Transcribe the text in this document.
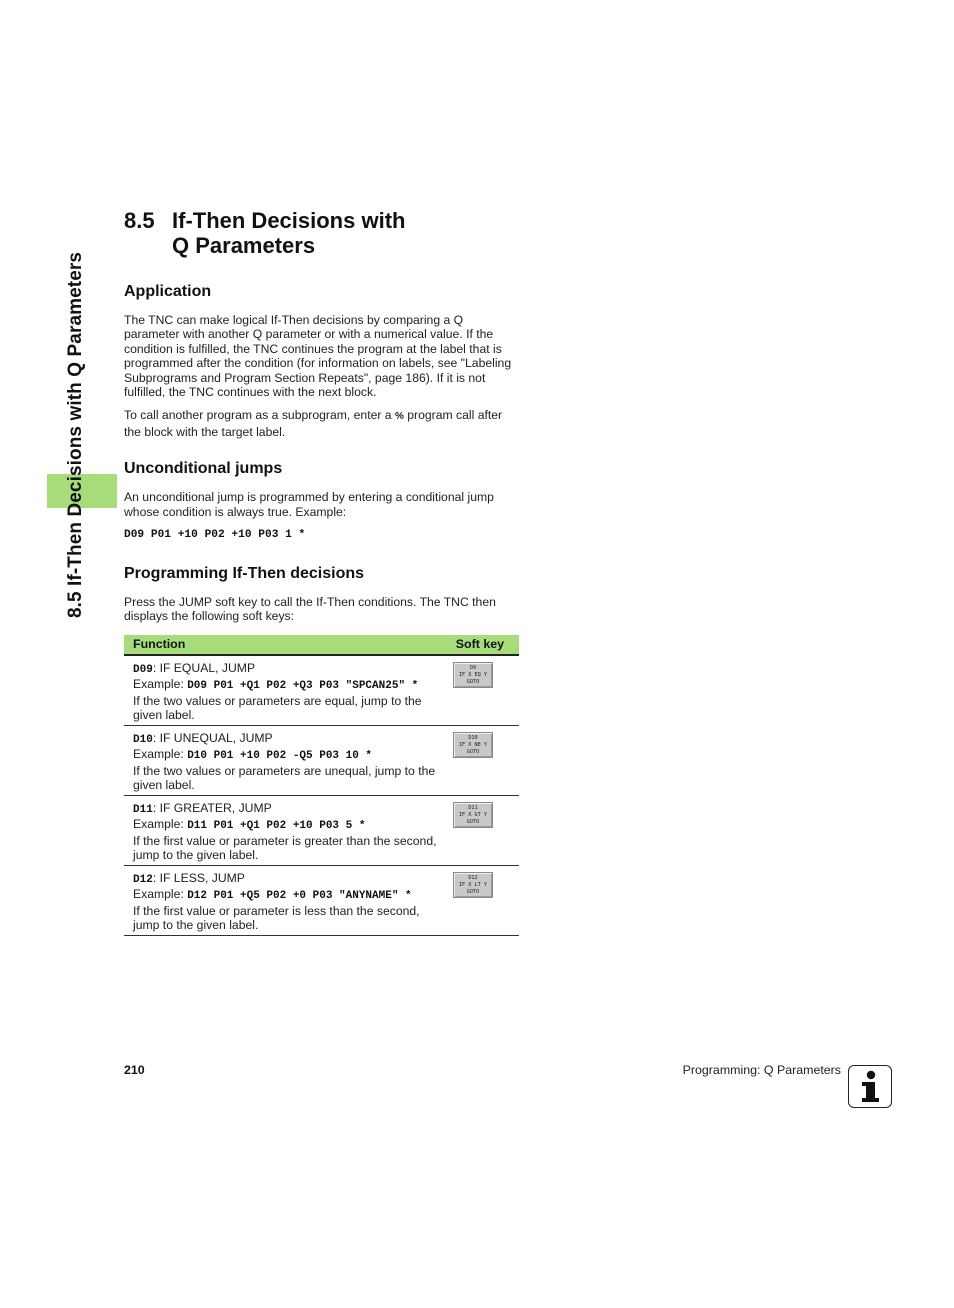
8.5 If-Then Decisions with Q Parameters
8.5 If-Then Decisions with
Q Parameters
Application

The TNC can make logical If-Then decisions by comparing a Q parameter with another Q parameter or with a numerical value. If the condition is fulfilled, the TNC continues the program at the label that is programmed after the condition (for information on labels, see "Labeling Subprograms and Program Section Repeats", page 186). If it is not fulfilled, the TNC continues with the next block.

To call another program as a subprogram, enter a % program call after the block with the target label.

Unconditional jumps

An unconditional jump is programmed by entering a conditional jump whose condition is always true. Example:

D09 P01 +10 P02 +10 P03 1 *
Programming If-Then decisions

Press the JUMP soft key to call the If-Then conditions. The TNC then displays the following soft keys:

Function	Soft key
D09: IF EQUAL, JUMP
Example: D09 P01 +Q1 P02 +Q3 P03 "SPCAN25" *
If the two values or parameters are equal, jump to the given label.
D9
IF X EQ Y
GOTO
D10: IF UNEQUAL, JUMP
Example: D10 P01 +10 P02 -Q5 P03 10 *
If the two values or parameters are unequal, jump to the given label.
D10
IF X NE Y
GOTO
D11: IF GREATER, JUMP
Example: D11 P01 +Q1 P02 +10 P03 5 *
If the first value or parameter is greater than the second, jump to the given label.
D11
IF X GT Y
GOTO
D12: IF LESS, JUMP
Example: D12 P01 +Q5 P02 +0 P03 "ANYNAME" *
If the first value or parameter is less than the second, jump to the given label.
D12
IF X LT Y
GOTO
210	Programming: Q Parameters
